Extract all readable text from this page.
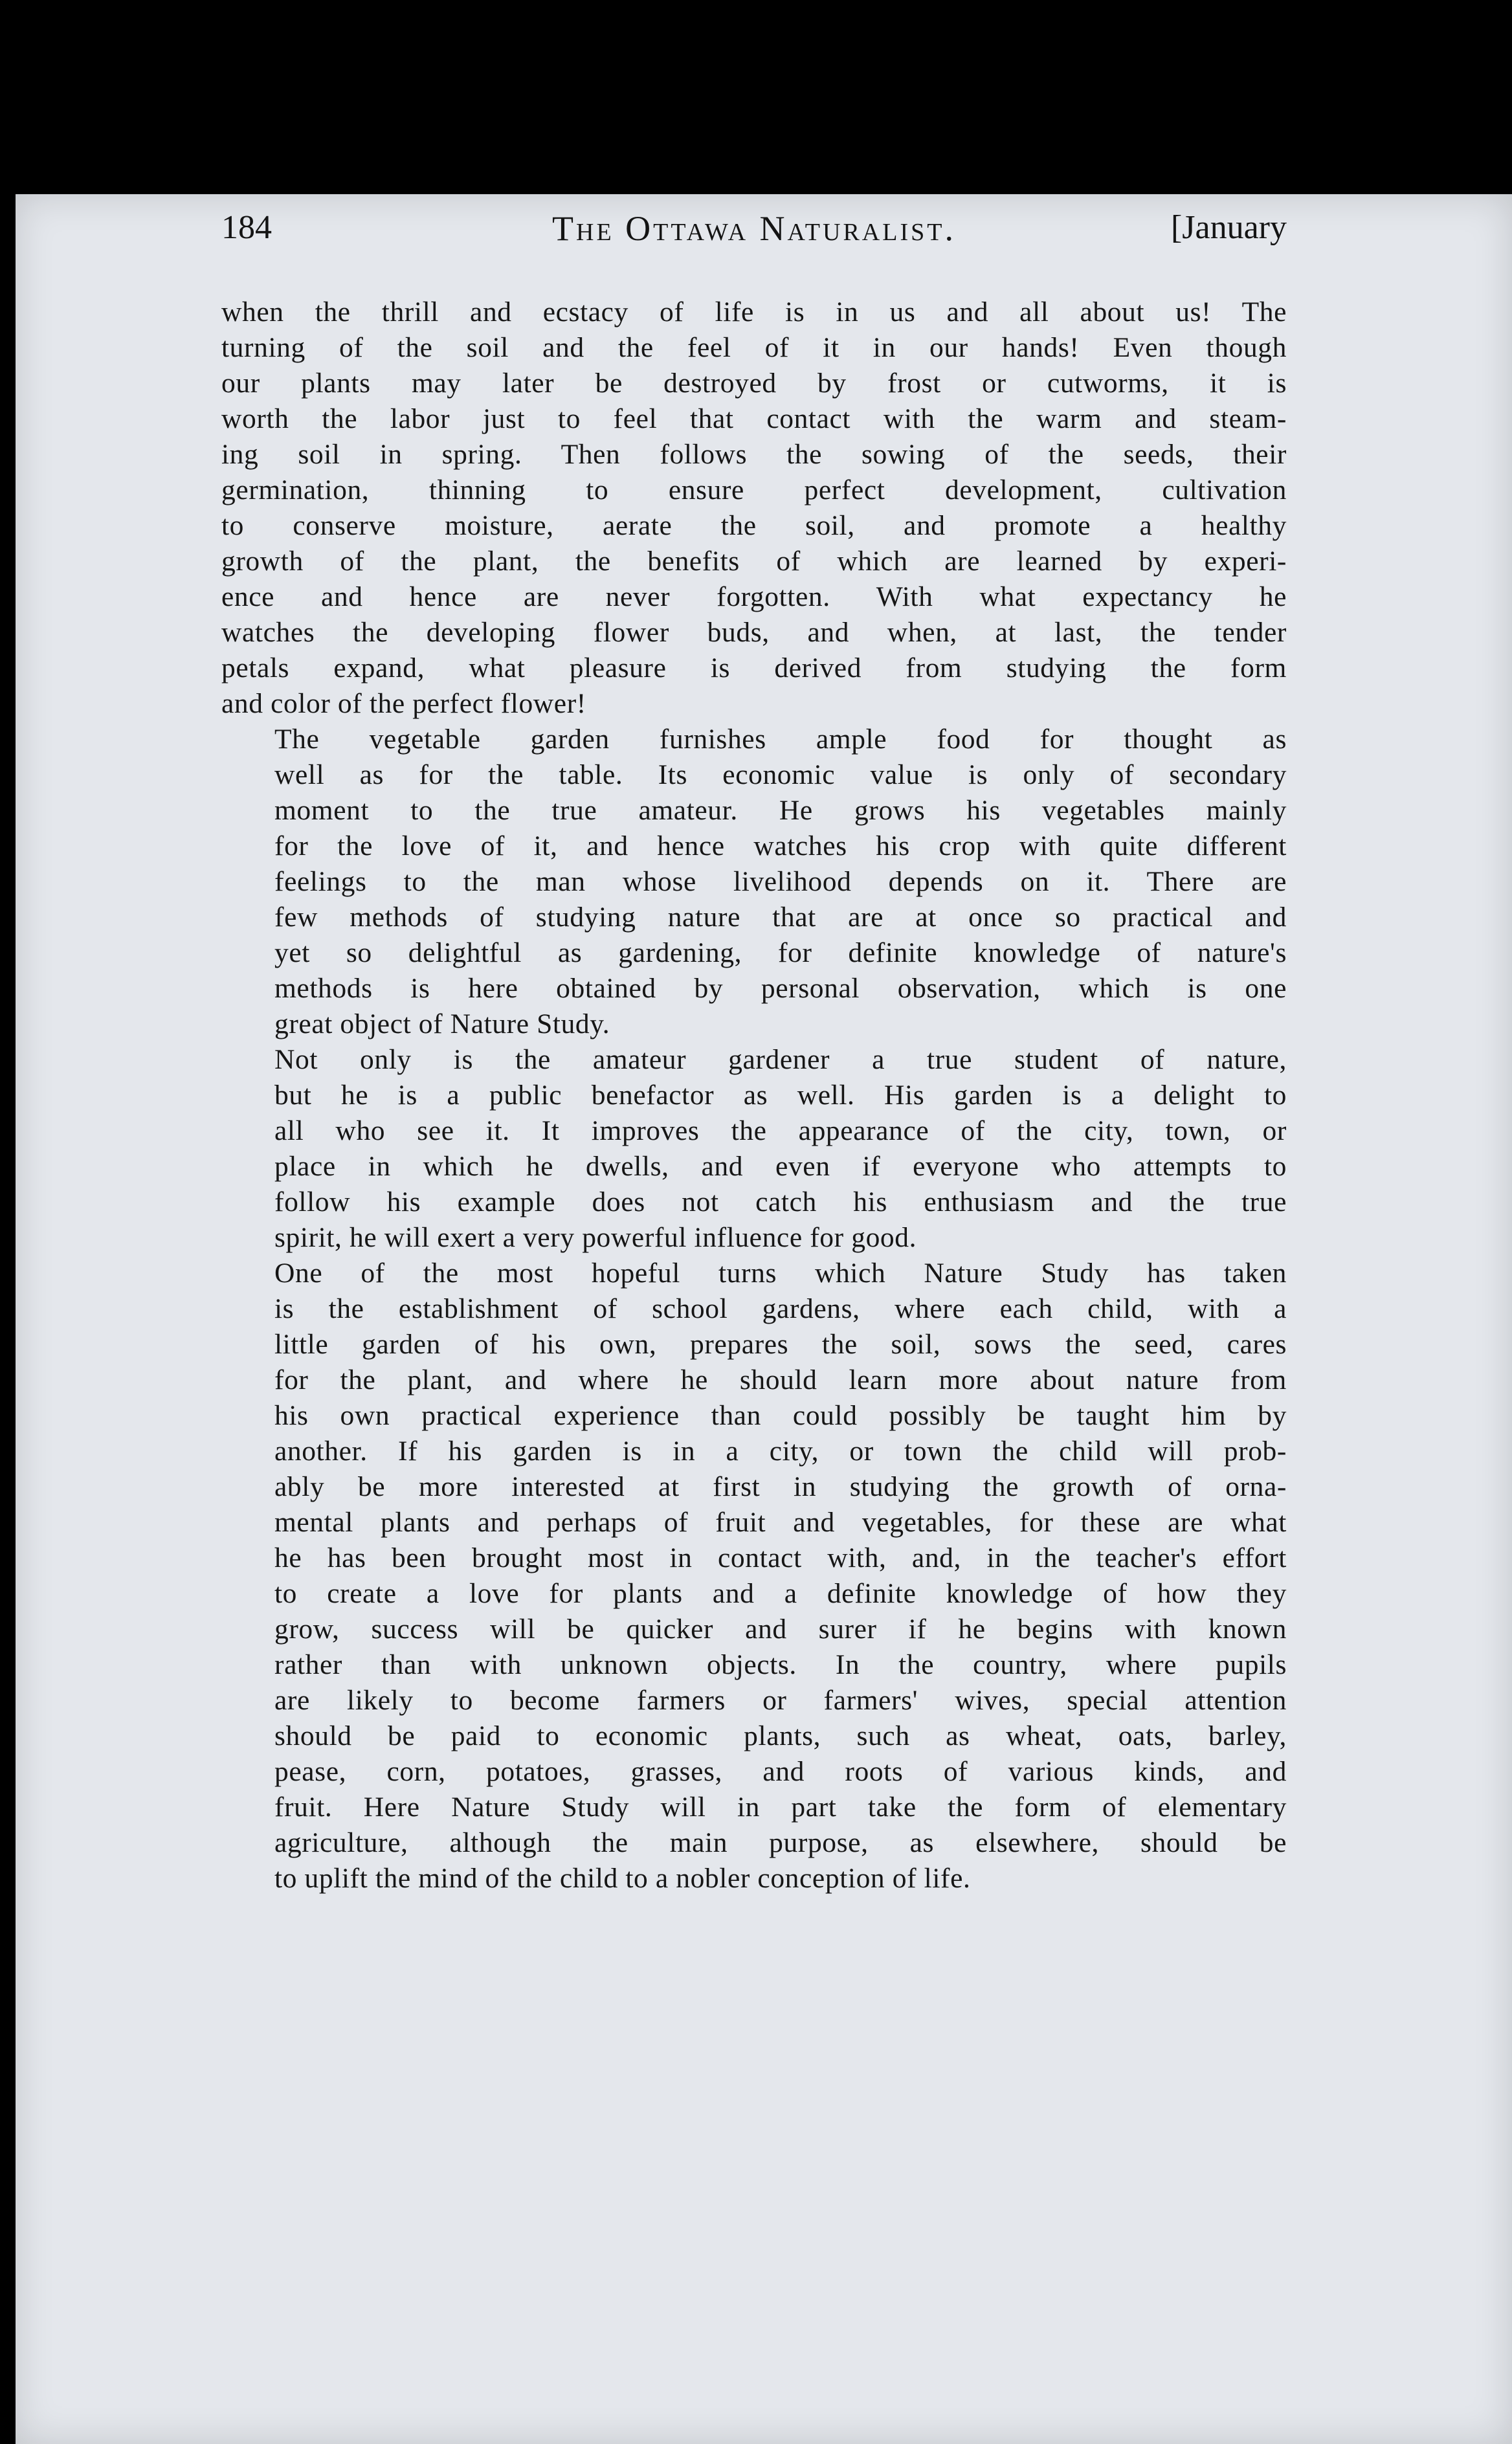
184	The Ottawa Naturalist.	[January

when the thrill and ecstacy of life is in us and all about us! The
turning of the soil and the feel of it in our hands! Even though
our plants may later be destroyed by frost or cutworms, it is
worth the labor just to feel that contact with the warm and steam-
ing soil in spring. Then follows the sowing of the seeds, their
germination, thinning to ensure perfect development, cultivation
to conserve moisture, aerate the soil, and promote a healthy
growth of the plant, the benefits of which are learned by experi-
ence and hence are never forgotten. With what expectancy he
watches the developing flower buds, and when, at last, the tender
petals expand, what pleasure is derived from studying the form
and color of the perfect flower!

The vegetable garden furnishes ample food for thought as
well as for the table. Its economic value is only of secondary
moment to the true amateur. He grows his vegetables mainly
for the love of it, and hence watches his crop with quite different
feelings to the man whose livelihood depends on it. There are
few methods of studying nature that are at once so practical and
yet so delightful as gardening, for definite knowledge of nature's
methods is here obtained by personal observation, which is one
great object of Nature Study.

Not only is the amateur gardener a true student of nature,
but he is a public benefactor as well. His garden is a delight to
all who see it. It improves the appearance of the city, town, or
place in which he dwells, and even if everyone who attempts to
follow his example does not catch his enthusiasm and the true
spirit, he will exert a very powerful influence for good.

One of the most hopeful turns which Nature Study has taken
is the establishment of school gardens, where each child, with a
little garden of his own, prepares the soil, sows the seed, cares
for the plant, and where he should learn more about nature from
his own practical experience than could possibly be taught him by
another. If his garden is in a city, or town the child will prob-
ably be more interested at first in studying the growth of orna-
mental plants and perhaps of fruit and vegetables, for these are what
he has been brought most in contact with, and, in the teacher's effort
to create a love for plants and a definite knowledge of how they
grow, success will be quicker and surer if he begins with known
rather than with unknown objects. In the country, where pupils
are likely to become farmers or farmers' wives, special attention
should be paid to economic plants, such as wheat, oats, barley,
pease, corn, potatoes, grasses, and roots of various kinds, and
fruit. Here Nature Study will in part take the form of elementary
agriculture, although the main purpose, as elsewhere, should be
to uplift the mind of the child to a nobler conception of life.
